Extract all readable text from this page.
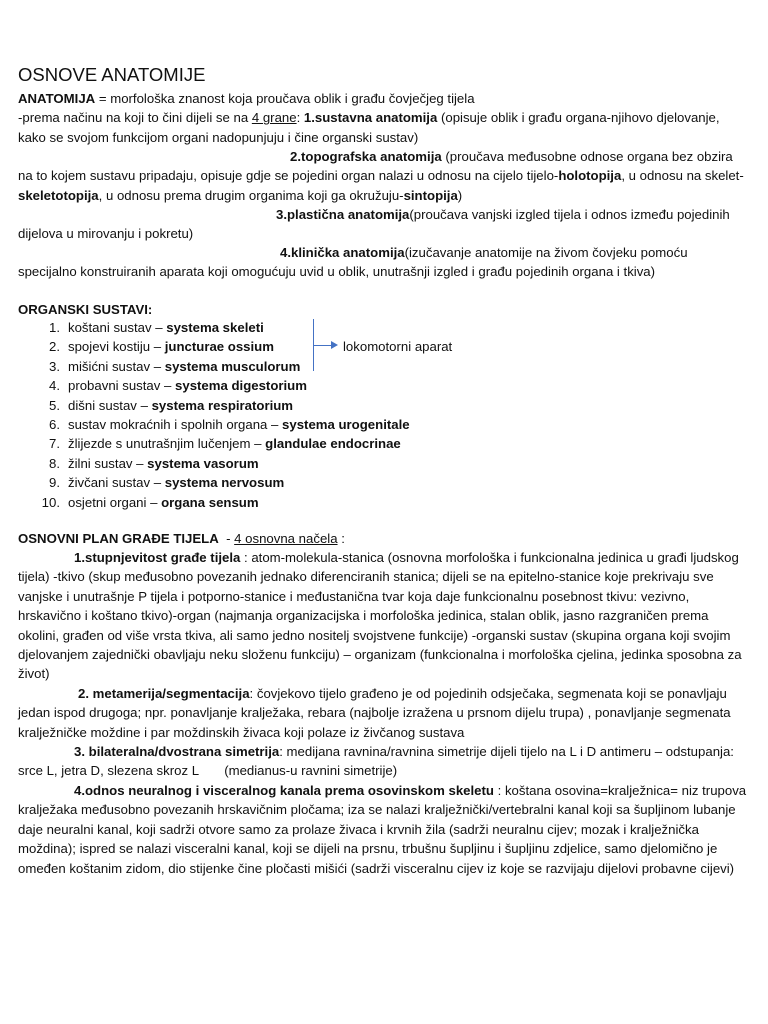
OSNOVE ANATOMIJE
ANATOMIJA = morfološka znanost koja proučava oblik i građu čovječjeg tijela
-prema načinu na koji to čini dijeli se na 4 grane: 1.sustavna anatomija (opisuje oblik i građu organa-njihovo djelovanje, kako se svojom funkcijom organi nadopunjuju i čine organski sustav)
2.topografska anatomija (proučava međusobne odnose organa bez obzira na to kojem sustavu pripadaju, opisuje gdje se pojedini organ nalazi u odnosu na cijelo tijelo-holotopija, u odnosu na skelet-skeletotopija, u odnosu prema drugim organima koji ga okružuju-sintopija)
3.plastična anatomija(proučava vanjski izgled tijela i odnos između pojedinih dijelova u mirovanju i pokretu)
4.klinička anatomija(izučavanje anatomije na živom čovjeku pomoću specijalno konstruiranih aparata koji omogućuju uvid u oblik, unutrašnji izgled i građu pojedinih organa i tkiva)
ORGANSKI SUSTAVI:
1. koštani sustav – systema skeleti
2. spojevi kostiju – juncturae ossium
3. mišićni sustav – systema musculorum
4. probavni sustav – systema digestorium
5. dišni sustav – systema respiratorium
6. sustav mokraćnih i spolnih organa – systema urogenitale
7. žlijezde s unutrašnjim lučenjem – glandulae endocrinae
8. žilni sustav – systema vasorum
9. živčani sustav – systema nervosum
10. osjetni organi – organa sensum
lokomotorni aparat
OSNOVNI PLAN GRAĐE TIJELA  - 4 osnovna načela :
1.stupnjevitost građe tijela : atom-molekula-stanica (osnovna morfološka i funkcionalna jedinica u građi ljudskog tijela) -tkivo (skup međusobno povezanih jednako diferenciranih stanica; dijeli se na epitelno-stanice koje prekrivaju sve vanjske i unutrašnje P tijela i potporno-stanice i međustanična tvar koja daje funkcionalnu posebnost tkivu: vezivno, hrskavično i koštano tkivo)-organ (najmanja organizacijska i morfološka jedinica, stalan oblik, jasno razgraničen prema okolini, građen od više vrsta tkiva, ali samo jedno nositelj svojstvene funkcije) -organski sustav (skupina organa koji svojim djelovanjem zajednički obavljaju neku složenu funkciju) – organizam (funkcionalna i morfološka cjelina, jedinka sposobna za život)
2. metamerija/segmentacija: čovjekovo tijelo građeno je od pojedinih odsječaka, segmenata koji se ponavljaju jedan ispod drugoga; npr. ponavljanje kralježaka, rebara (najbolje izražena u prsnom dijelu trupa) , ponavljanje segmenata kralježničke moždine i par moždinskih živaca koji polaze iz živčanog sustava
3. bilateralna/dvostrana simetrija: medijana ravnina/ravnina simetrije dijeli tijelo na L i D antimeru – odstupanja: srce L, jetra D, slezena skroz L       (medianus-u ravnini simetrije)
4.odnos neuralnog i visceralnog kanala prema osovinskom skeletu : koštana osovina=kralježnica= niz trupova kralježaka međusobno povezanih hrskavičnim pločama; iza se nalazi kralježnički/vertebralni kanal koji sa šupljinom lubanje daje neuralni kanal, koji sadrži otvore samo za prolaze živaca i krvnih žila (sadrži neuralnu cijev; mozak i kralježnička moždina); ispred se nalazi visceralni kanal, koji se dijeli na prsnu, trbušnu šupljinu i šupljinu zdjelice, samo djelomično je omeđen koštanim zidom, dio stijenke čine pločasti mišići (sadrži visceralnu cijev iz koje se razvijaju dijelovi probavne cijevi)
